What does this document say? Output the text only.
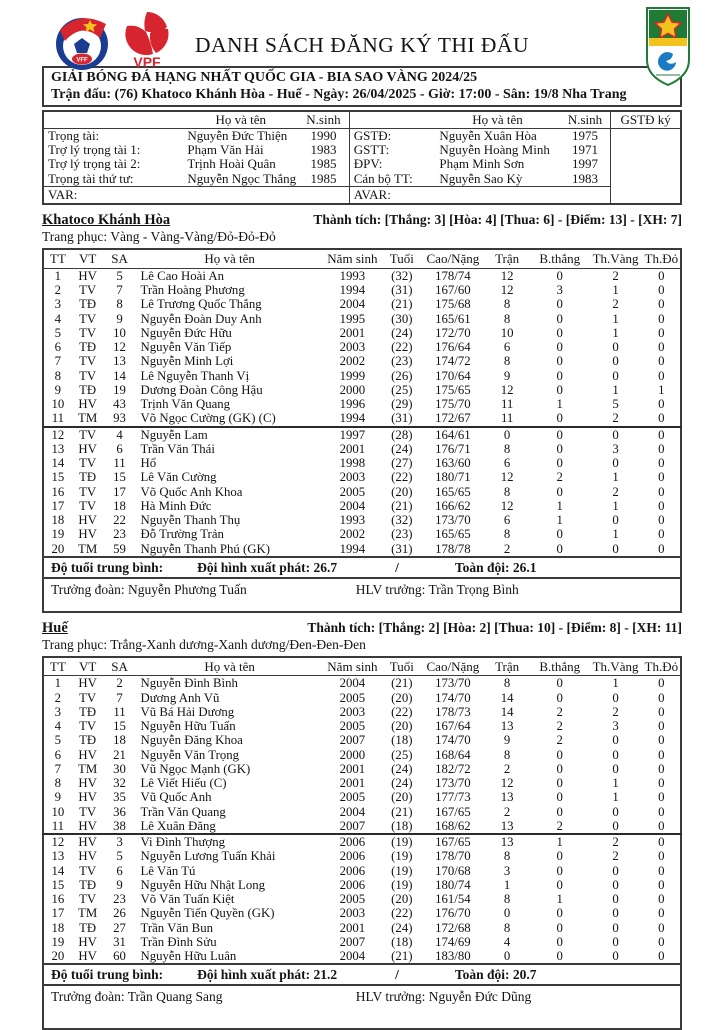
VFF	VPF
DANH SÁCH ĐĂNG KÝ THI ĐẤU
GIẢI BÓNG ĐÁ HẠNG NHẤT QUỐC GIA - BIA SAO VÀNG 2024/25
Trận đấu: (76) Khatoco Khánh Hòa - Huế - Ngày: 26/04/2025 - Giờ: 17:00 - Sân: 19/8 Nha Trang
	Họ và tên	N.sinh		Họ và tên	N.sinh	GSTĐ ký
Trọng tài:	Nguyễn Đức Thiện	1990	GSTĐ:	Nguyễn Xuân Hòa	1975	
Trợ lý trọng tài 1:	Phạm Văn Hải	1983	GSTT:	Nguyễn Hoàng Minh	1971	
Trợ lý trọng tài 2:	Trịnh Hoài Quân	1985	ĐPV:	Phạm Minh Sơn	1997	
Trọng tài thứ tư:	Nguyễn Ngọc Thắng	1985	Cán bộ TT:	Nguyễn Sao Kỳ	1983	
VAR:			AVAR:			
Khatoco Khánh Hòa	Thành tích: [Thắng: 3] [Hòa: 4] [Thua: 6] - [Điểm: 13] - [XH: 7]
Trang phục: Vàng - Vàng-Vàng/Đỏ-Đỏ-Đỏ
TT	VT	SA	Họ và tên	Năm sinh	Tuổi	Cao/Nặng	Trận	B.thắng	Th.Vàng	Th.Đỏ
1	HV	5	Lê Cao Hoài An	1993	(32)	178/74	12	0	2	0
2	TV	7	Trần Hoàng Phương	1994	(31)	167/60	12	3	1	0
3	TĐ	8	Lê Trương Quốc Thắng	2004	(21)	175/68	8	0	2	0
4	TV	9	Nguyễn Đoàn Duy Anh	1995	(30)	165/61	8	0	1	0
5	TV	10	Nguyễn Đức Hữu	2001	(24)	172/70	10	0	1	0
6	TĐ	12	Nguyễn Văn Tiếp	2003	(22)	176/64	6	0	0	0
7	TV	13	Nguyễn Minh Lợi	2002	(23)	174/72	8	0	0	0
8	TV	14	Lê Nguyễn Thanh Vị	1999	(26)	170/64	9	0	0	0
9	TĐ	19	Dương Đoàn Công Hậu	2000	(25)	175/65	12	0	1	1
10	HV	43	Trịnh Văn Quang	1996	(29)	175/70	11	1	5	0
11	TM	93	Võ Ngọc Cường (GK) (C)	1994	(31)	172/67	11	0	2	0
12	TV	4	Nguyễn Lam	1997	(28)	164/61	0	0	0	0
13	HV	6	Trần Văn Thái	2001	(24)	176/71	8	0	3	0
14	TV	11	Hổ	1998	(27)	163/60	6	0	0	0
15	TĐ	15	Lê Văn Cường	2003	(22)	180/71	12	2	1	0
16	TV	17	Võ Quốc Anh Khoa	2005	(20)	165/65	8	0	2	0
17	TV	18	Hà Minh Đức	2004	(21)	166/62	12	1	1	0
18	HV	22	Nguyễn Thanh Thụ	1993	(32)	173/70	6	1	0	0
19	HV	23	Đỗ Trường Trản	2002	(23)	165/65	8	0	1	0
20	TM	59	Nguyễn Thanh Phú (GK)	1994	(31)	178/78	2	0	0	0
Độ tuổi trung bình:	Đội hình xuất phát: 26.7	/	Toàn đội: 26.1
Trưởng đoàn: Nguyễn Phương Tuấn	HLV trưởng: Trần Trọng Bình
Huế	Thành tích: [Thắng: 2] [Hòa: 2] [Thua: 10] - [Điểm: 8] - [XH: 11]
Trang phục: Trắng-Xanh dương-Xanh dương/Đen-Đen-Đen
TT	VT	SA	Họ và tên	Năm sinh	Tuổi	Cao/Nặng	Trận	B.thắng	Th.Vàng	Th.Đỏ
1	HV	2	Nguyễn Đình Bình	2004	(21)	173/70	8	0	1	0
2	TV	7	Dương Anh Vũ	2005	(20)	174/70	14	0	0	0
3	TĐ	11	Vũ Bá Hải Dương	2003	(22)	178/73	14	2	2	0
4	TV	15	Nguyễn Hữu Tuấn	2005	(20)	167/64	13	2	3	0
5	TĐ	18	Nguyễn Đăng Khoa	2007	(18)	174/70	9	2	0	0
6	HV	21	Nguyễn Văn Trọng	2000	(25)	168/64	8	0	0	0
7	TM	30	Vũ Ngọc Mạnh (GK)	2001	(24)	182/72	2	0	0	0
8	HV	32	Lê Viết Hiếu (C)	2001	(24)	173/70	12	0	1	0
9	HV	35	Vũ Quốc Anh	2005	(20)	177/73	13	0	1	0
10	TV	36	Trần Văn Quang	2004	(21)	167/65	2	0	0	0
11	HV	38	Lê Xuân Đăng	2007	(18)	168/62	13	2	0	0
12	HV	3	Vi Đình Thượng	2006	(19)	167/65	13	1	2	0
13	HV	5	Nguyễn Lương Tuấn Khải	2006	(19)	178/70	8	0	2	0
14	TV	6	Lê Văn Tú	2006	(19)	170/68	3	0	0	0
15	TĐ	9	Nguyễn Hữu Nhật Long	2006	(19)	180/74	1	0	0	0
16	TV	23	Võ Văn Tuấn Kiệt	2005	(20)	161/54	8	1	0	0
17	TM	26	Nguyễn Tiến Quyền (GK)	2003	(22)	176/70	0	0	0	0
18	TĐ	27	Trần Văn Bun	2001	(24)	172/68	8	0	0	0
19	HV	31	Trần Đình Sửu	2007	(18)	174/69	4	0	0	0
20	HV	60	Nguyễn Hữu Luân	2004	(21)	183/80	0	0	0	0
Độ tuổi trung bình:	Đội hình xuất phát: 21.2	/	Toàn đội: 20.7
Trưởng đoàn: Trần Quang Sang	HLV trưởng: Nguyễn Đức Dũng
